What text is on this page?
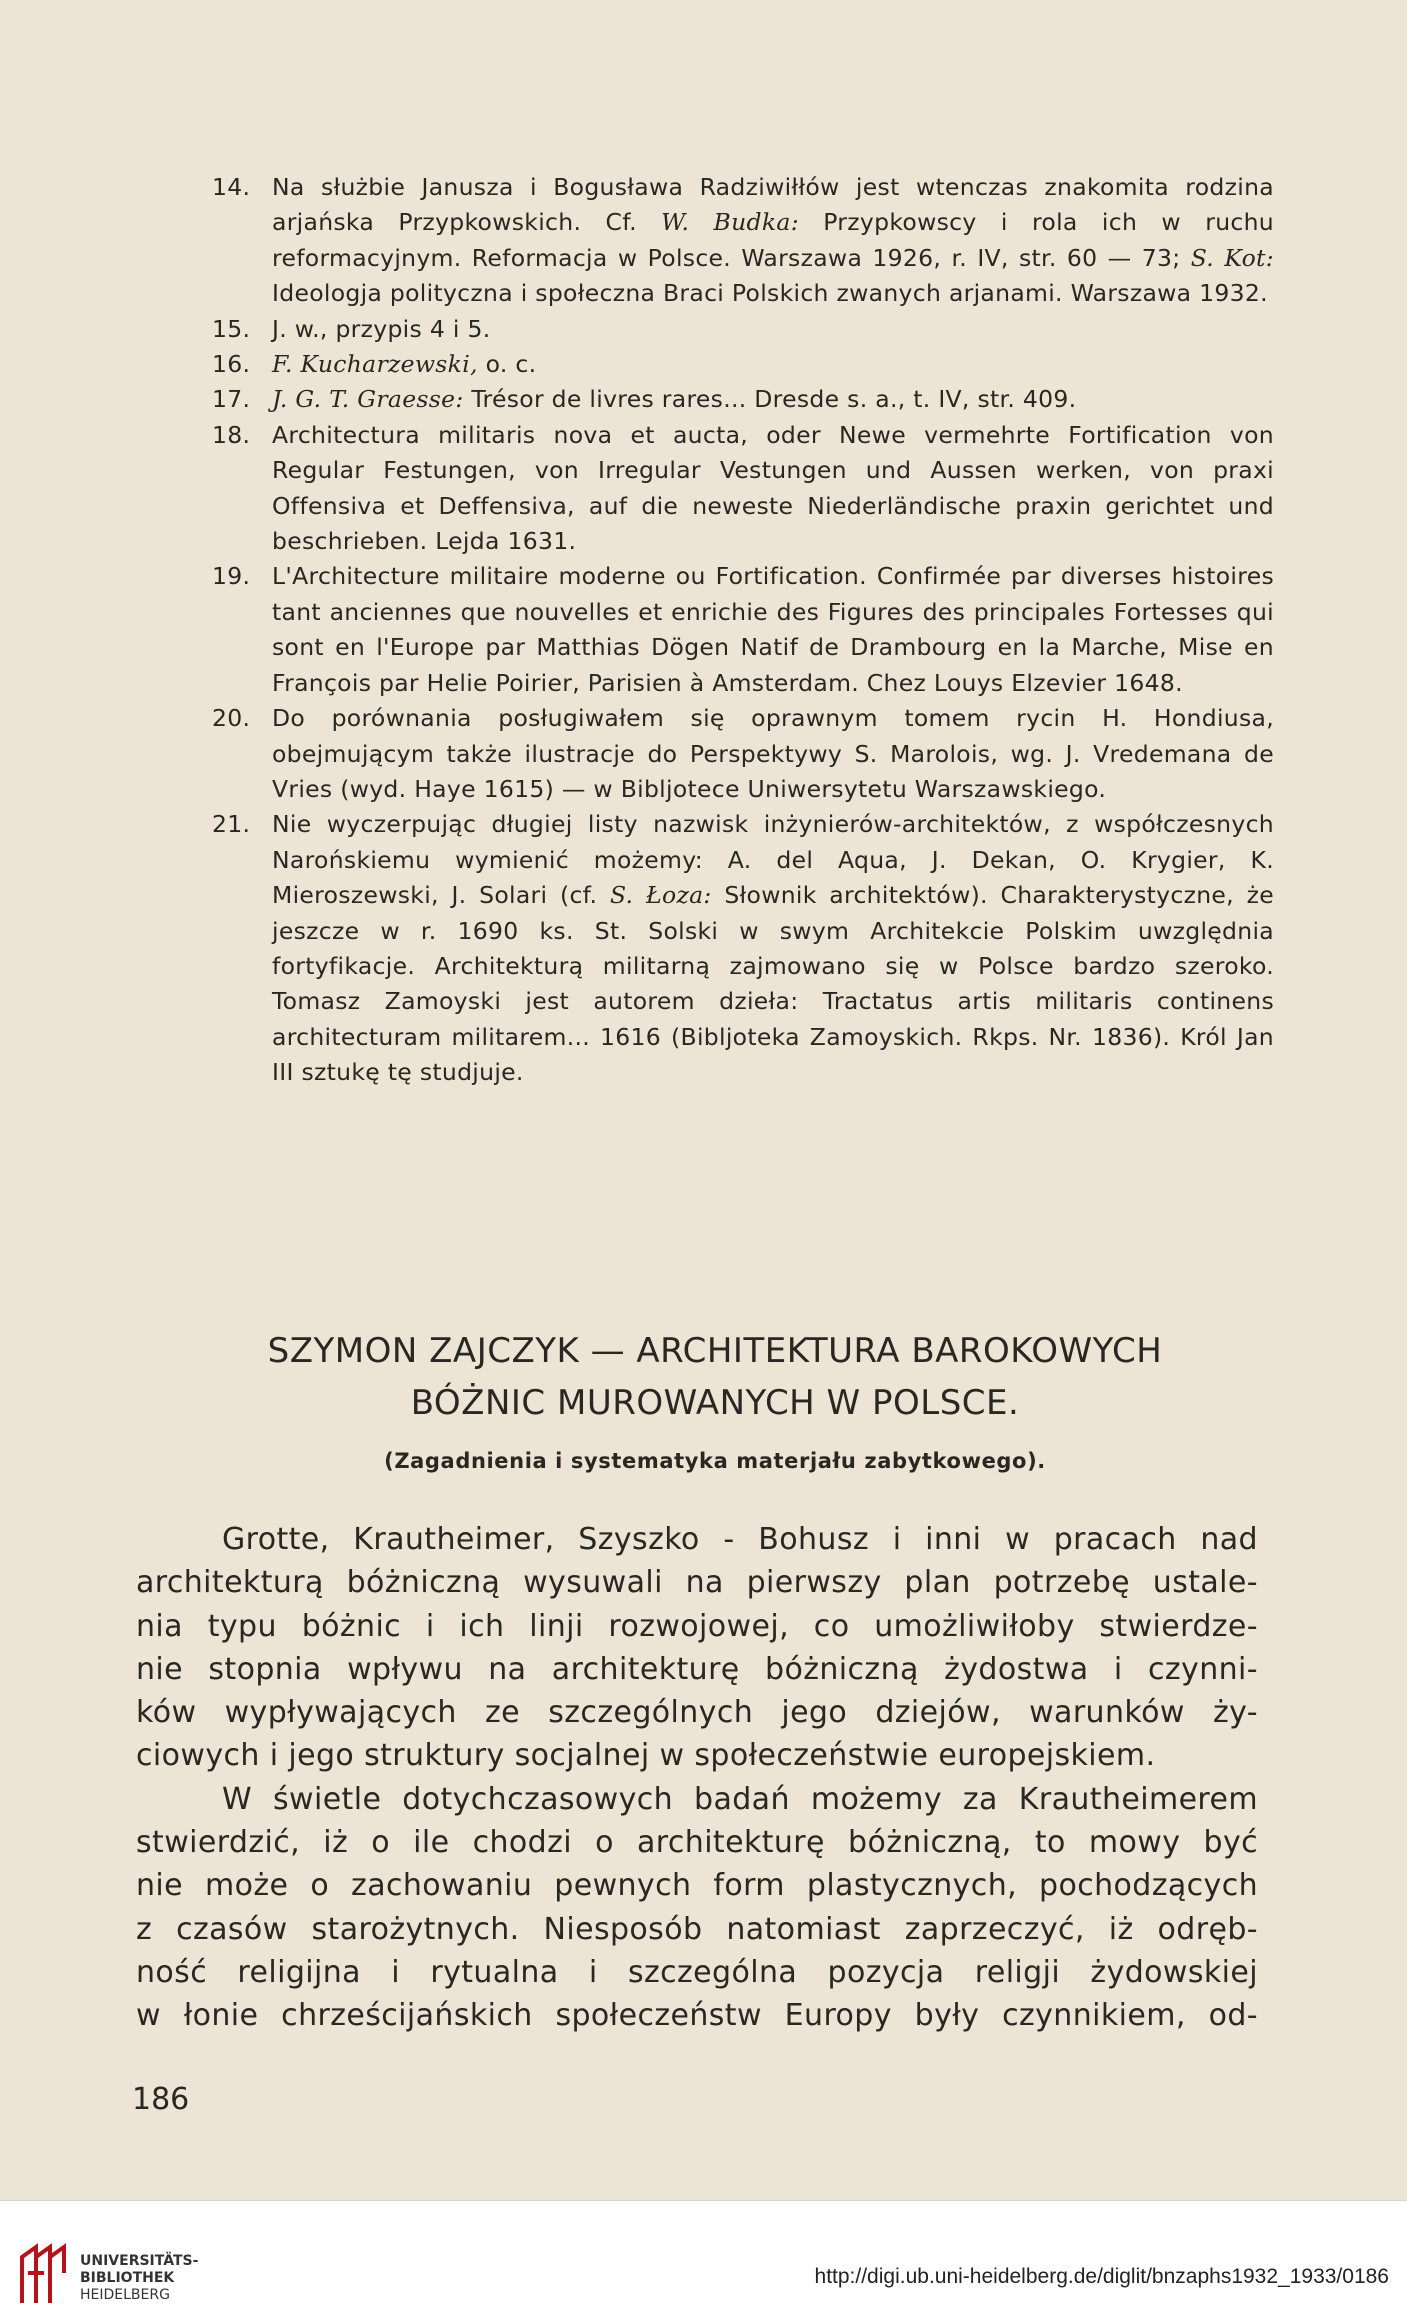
14. Na służbie Janusza i Bogusława Radziwiłłów jest wtenczas znakomita rodzina arjańska Przypkowskich. Cf. W. Budka: Przypkowscy i rola ich w ruchu reformacyjnym. Reformacja w Polsce. Warszawa 1926, r. IV, str. 60 — 73; S. Kot: Ideologja polityczna i społeczna Braci Polskich zwanych arjanami. Warszawa 1932.
15. J. w., przypis 4 i 5.
16. F. Kucharzewski, o. c.
17. J. G. T. Graesse: Trésor de livres rares... Dresde s. a., t. IV, str. 409.
18. Architectura militaris nova et aucta, oder Newe vermehrte Fortification von Regular Festungen, von Irregular Vestungen und Aussen werken, von praxi Offensiva et Deffensiva, auf die neweste Niederländische praxin gerichtet und beschrieben. Lejda 1631.
19. L'Architecture militaire moderne ou Fortification. Confirmée par diverses histoires tant anciennes que nouvelles et enrichie des Figures des principales Fortesses qui sont en l'Europe par Matthias Dögen Natif de Drambourg en la Marche, Mise en François par Helie Poirier, Parisien à Amsterdam. Chez Louys Elzevier 1648.
20. Do porównania posługiwałem się oprawnym tomem rycin H. Hondiusa, obejmującym także ilustracje do Perspektywy S. Marolois, wg. J. Vredemana de Vries (wyd. Haye 1615) — w Bibljotece Uniwersytetu Warszawskiego.
21. Nie wyczerpując długiej listy nazwisk inżynierów-architektów, z współczesnych Narońskiemu wymienić możemy: A. del Aqua, J. Dekan, O. Krygier, K. Mieroszewski, J. Solari (cf. S. Łoza: Słownik architektów). Charakterystyczne, że jeszcze w r. 1690 ks. St. Solski w swym Architekcie Polskim uwzględnia fortyfikacje. Architekturą militarną zajmowano się w Polsce bardzo szeroko. Tomasz Zamoyski jest autorem dzieła: Tractatus artis militaris continens architecturam militarem... 1616 (Bibljoteka Zamoyskich. Rkps. Nr. 1836). Król Jan III sztukę tę studjuje.
SZYMON ZAJCZYK — ARCHITEKTURA BAROKOWYCH
BÓŻNIC MUROWANYCH W POLSCE.
(Zagadnienia i systematyka materjału zabytkowego).

Grotte, Krautheimer, Szyszko - Bohusz i inni w pracach nad

architekturą bóżniczną wysuwali na pierwszy plan potrzebę ustale-

nia typu bóżnic i ich linji rozwojowej, co umożliwiłoby stwierdze-

nie stopnia wpływu na architekturę bóżniczną żydostwa i czynni-

ków wypływających ze szczególnych jego dziejów, warunków ży-

ciowych i jego struktury socjalnej w społeczeństwie europejskiem.

W świetle dotychczasowych badań możemy za Krautheimerem

stwierdzić, iż o ile chodzi o architekturę bóżniczną, to mowy być

nie może o zachowaniu pewnych form plastycznych, pochodzących

z czasów starożytnych. Niesposób natomiast zaprzeczyć, iż odręb-

ność religijna i rytualna i szczególna pozycja religji żydowskiej

w łonie chrześcijańskich społeczeństw Europy były czynnikiem, od-

186
UNIVERSITÄTS-
BIBLIOTHEK
HEIDELBERG
http://digi.ub.uni-heidelberg.de/diglit/bnzaphs1932_1933/0186
